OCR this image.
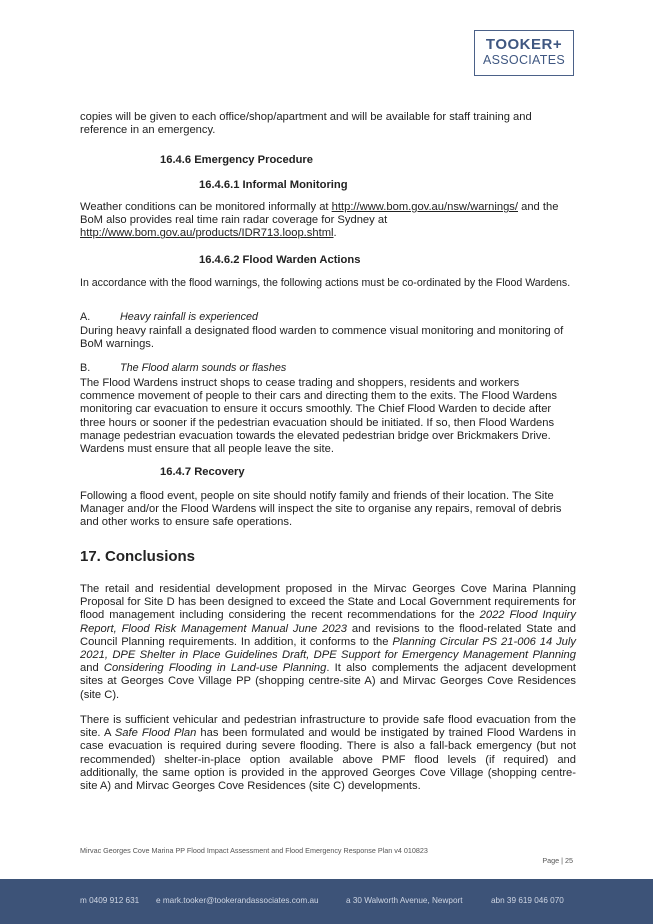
TOOKER+
ASSOCIATES
copies will be given to each office/shop/apartment and will be available for staff training and reference in an emergency.
16.4.6 Emergency Procedure
16.4.6.1 Informal Monitoring
Weather conditions can be monitored informally at http://www.bom.gov.au/nsw/warnings/ and the BoM also provides real time rain radar coverage for Sydney at http://www.bom.gov.au/products/IDR713.loop.shtml.
16.4.6.2 Flood Warden Actions
In accordance with the flood warnings, the following actions must be co-ordinated by the Flood Wardens.
A.	Heavy rainfall is experienced
During heavy rainfall a designated flood warden to commence visual monitoring and monitoring of BoM warnings.
B.	The Flood alarm sounds or flashes
The Flood Wardens instruct shops to cease trading and shoppers, residents and workers commence movement of people to their cars and directing them to the exits. The Flood Wardens monitoring car evacuation to ensure it occurs smoothly. The Chief Flood Warden to decide after three hours or sooner if the pedestrian evacuation should be initiated. If so, then Flood Wardens manage pedestrian evacuation towards the elevated pedestrian bridge over Brickmakers Drive. Wardens must ensure that all people leave the site.
16.4.7 Recovery
Following a flood event, people on site should notify family and friends of their location. The Site Manager and/or the Flood Wardens will inspect the site to organise any repairs, removal of debris and other works to ensure safe operations.
17. Conclusions
The retail and residential development proposed in the Mirvac Georges Cove Marina Planning Proposal for Site D has been designed to exceed the State and Local Government requirements for flood management including considering the recent recommendations for the 2022 Flood Inquiry Report, Flood Risk Management Manual June 2023 and revisions to the flood-related State and Council Planning requirements. In addition, it conforms to the Planning Circular PS 21-006 14 July 2021, DPE Shelter in Place Guidelines Draft, DPE Support for Emergency Management Planning and Considering Flooding in Land-use Planning. It also complements the adjacent development sites at Georges Cove Village PP (shopping centre-site A) and Mirvac Georges Cove Residences (site C).
There is sufficient vehicular and pedestrian infrastructure to provide safe flood evacuation from the site. A Safe Flood Plan has been formulated and would be instigated by trained Flood Wardens in case evacuation is required during severe flooding. There is also a fall-back emergency (but not recommended) shelter-in-place option available above PMF flood levels (if required) and additionally, the same option is provided in the approved Georges Cove Village (shopping centre-site A) and Mirvac Georges Cove Residences (site C) developments.
Mirvac Georges Cove Marina PP Flood Impact Assessment and Flood Emergency Response Plan v4 010823
Page | 25
m 0409 912 631 e mark.tooker@tookerandassociates.com.au	a 30 Walworth Avenue, Newport	abn 39 619 046 070
